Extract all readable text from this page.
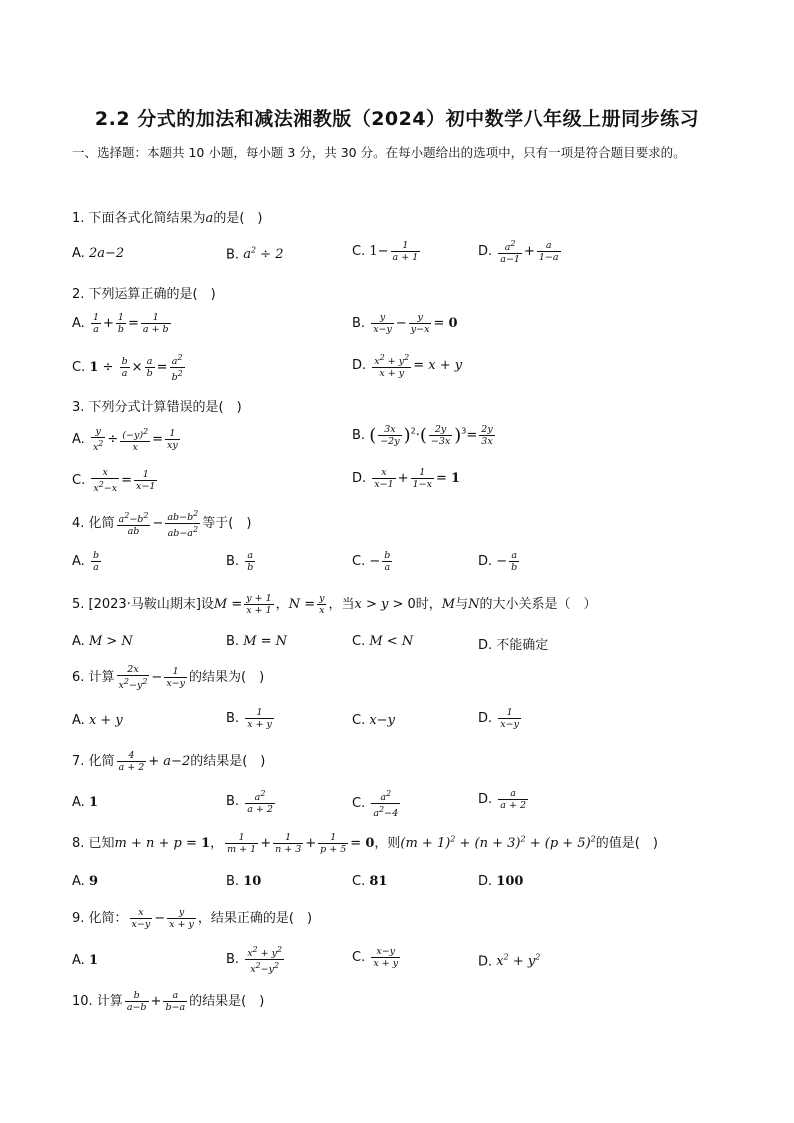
2.2 分式的加法和减法湘教版（2024）初中数学八年级上册同步练习
一、选择题：本题共 10 小题，每小题 3 分，共 30 分。在每小题给出的选项中，只有一项是符合题目要求的。
1. 下面各式化简结果为a的是(　)
A. 2a−2	B. $a^2 \div 2$	C. $1- \frac{1}{a + 1}$	D. $\frac{a^2}{a-1} + \frac{a}{1-a}$
2. 下列运算正确的是(　)
A. $\frac{1}{a} + \frac{1}{b} = \frac{1}{a + b}$	B. $\frac{y}{x-y} - \frac{y}{y-x} = 0$
C. $1 \div \frac{b}{a} \times \frac{a}{b} = \frac{a^2}{b^2}$	D. $\frac{x^2 + y^2}{x + y} = x + y$
3. 下列分式计算错误的是(　)
A. $\frac{y}{x^2} \div \frac{(-y)^2}{x} = \frac{1}{xy}$	B. ( $\frac{3x}{-2y} )^2\cdot( \frac{2y}{-3x} )^3= \frac{2y}{3x}$
C. $\frac{x}{x^2-x} = \frac{1}{x-1}$	D. $\frac{x}{x-1} + \frac{1}{1-x} = 1$
4. 化简 $\frac{a^2-b^2}{ab} - \frac{ab-b^2}{ab-a^2}$ 等于(　)
A. $\frac{b}{a}$	B. $\frac{a}{b}$	C. − $\frac{b}{a}$	D. − $\frac{a}{b}$
5. [2023·马鞍山期末]设$M = \frac{y + 1}{x + 1}$ ，$N = \frac{y}{x}$ ，当x > y > 0时，M与N的大小关系是（　）
A. M > N	B. M = N	C. M < N	D. 不能确定
6. 计算 $\frac{2x}{x^2-y^2} - \frac{1}{x-y}$ 的结果为(　)
A. x + y	B. $\frac{1}{x + y}$	C. x−y	D. $\frac{1}{x-y}$
7. 化简 $\frac{4}{a + 2} + a-2$的结果是(　)
A. 1	B. $\frac{a^2}{a + 2}$	C. $\frac{a^2}{a^2-4}$	D. $\frac{a}{a + 2}$
8. 已知m + n + p = 1， $\frac{1}{m + 1} + \frac{1}{n + 3} + \frac{1}{p + 5} = 0$，则$(m + 1)^2 + (n + 3)^2 + (p + 5)^2$的值是(　)
A. 9	B. 10	C. 81	D. 100
9. 化简： $\frac{x}{x-y} - \frac{y}{x + y}$ ，结果正确的是(　)
A. 1	B. $\frac{x^2 + y^2}{x^2-y^2}$	C. $\frac{x-y}{x + y}$	D. $x^2 + y^2$
10. 计算 $\frac{b}{a-b} + \frac{a}{b-a}$ 的结果是(　)
